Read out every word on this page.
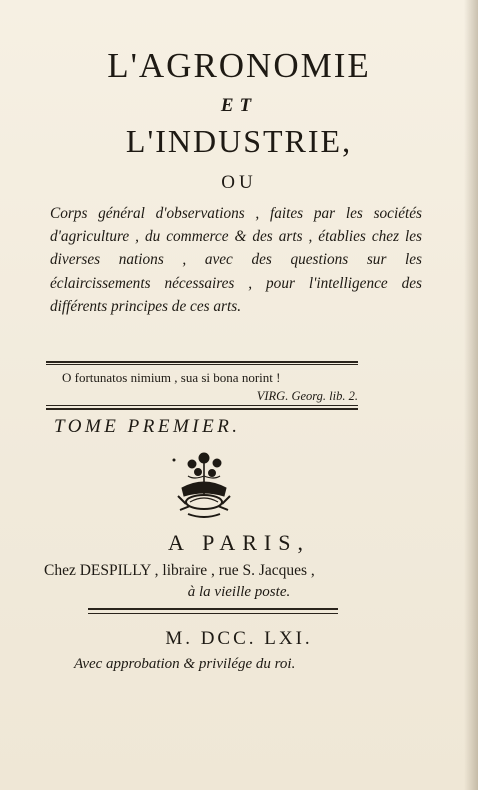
L'AGRONOMIE
ET
L'INDUSTRIE,
OU
Corps général d'observations , faites par les sociétés d'agriculture , du commerce & des arts , établies chez les diverses nations , avec des questions sur les éclaircissements nécessaires , pour l'intelligence des différents principes de ces arts.
O fortunatos nimium , sua si bona norint !
VIRG. Georg. lib. 2.
TOME PREMIER.
A PARIS,
Chez DESPILLY , libraire , rue S. Jacques ,
à la vieille poste.
M. DCC. LXI.
Avec approbation & privilége du roi.
